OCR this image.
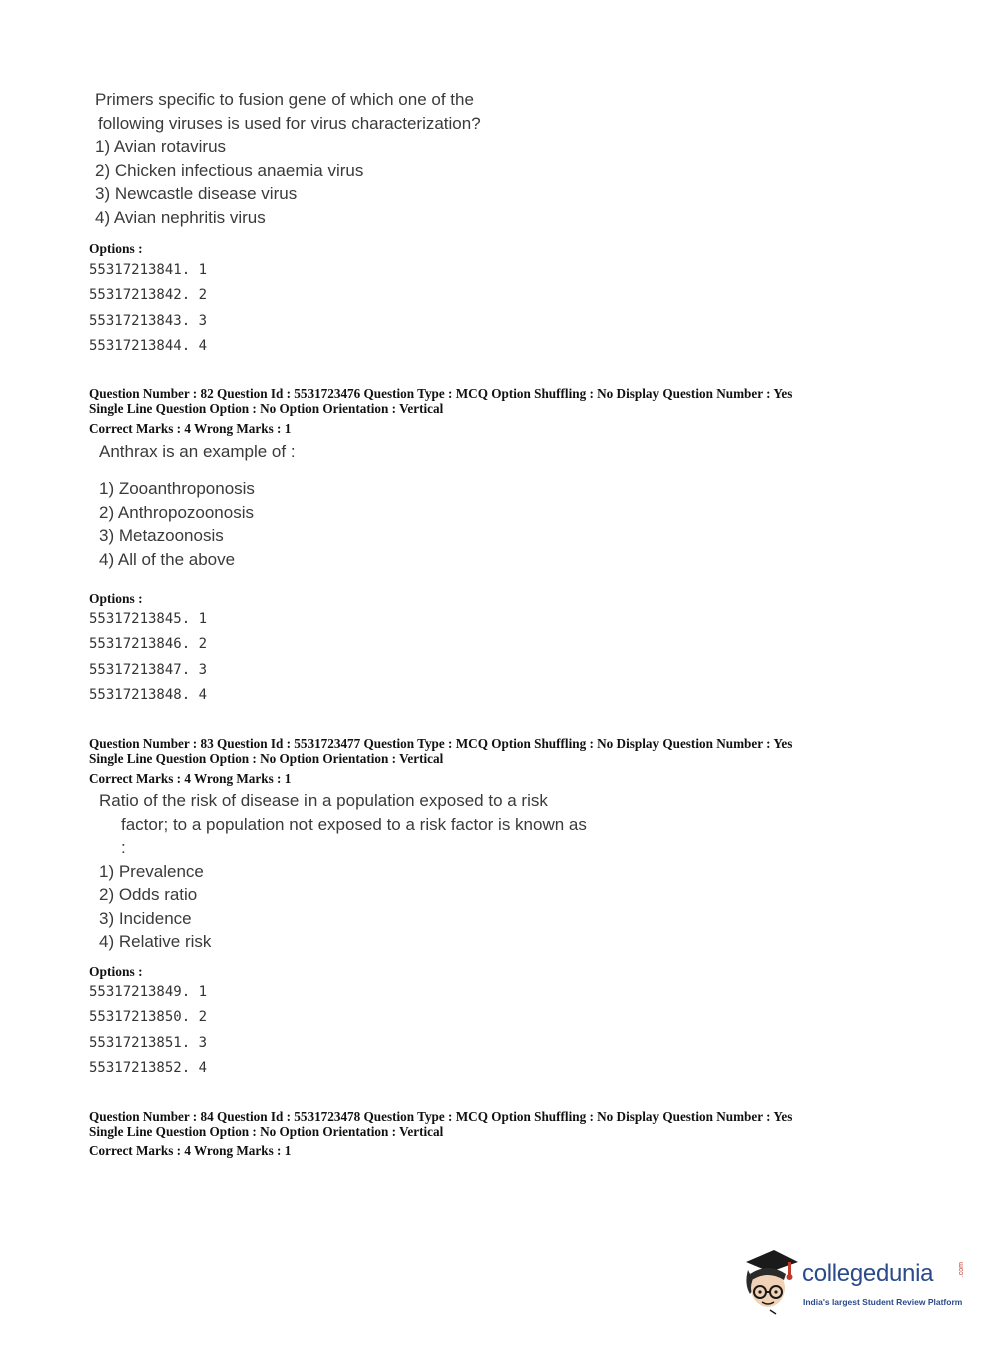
Primers specific to fusion gene of which one of the
following viruses is used for virus characterization?
1) Avian rotavirus
2) Chicken infectious anaemia virus
3) Newcastle disease virus
4) Avian nephritis virus
Options :
55317213841. 1
55317213842. 2
55317213843. 3
55317213844. 4
Question Number : 82 Question Id : 5531723476 Question Type : MCQ Option Shuffling : No Display Question Number : Yes
Single Line Question Option : No Option Orientation : Vertical
Correct Marks : 4 Wrong Marks : 1
Anthrax is an example of :
1) Zooanthroponosis
2) Anthropozoonosis
3) Metazoonosis
4) All of the above
Options :
55317213845. 1
55317213846. 2
55317213847. 3
55317213848. 4
Question Number : 83 Question Id : 5531723477 Question Type : MCQ Option Shuffling : No Display Question Number : Yes
Single Line Question Option : No Option Orientation : Vertical
Correct Marks : 4 Wrong Marks : 1
Ratio of the risk of disease in a population exposed to a risk
factor; to a population not exposed to a risk factor is known as
:
1) Prevalence
2) Odds ratio
3) Incidence
4) Relative risk
Options :
55317213849. 1
55317213850. 2
55317213851. 3
55317213852. 4
Question Number : 84 Question Id : 5531723478 Question Type : MCQ Option Shuffling : No Display Question Number : Yes
Single Line Question Option : No Option Orientation : Vertical
Correct Marks : 4 Wrong Marks : 1
collegedunia	.com
India's largest Student Review Platform
